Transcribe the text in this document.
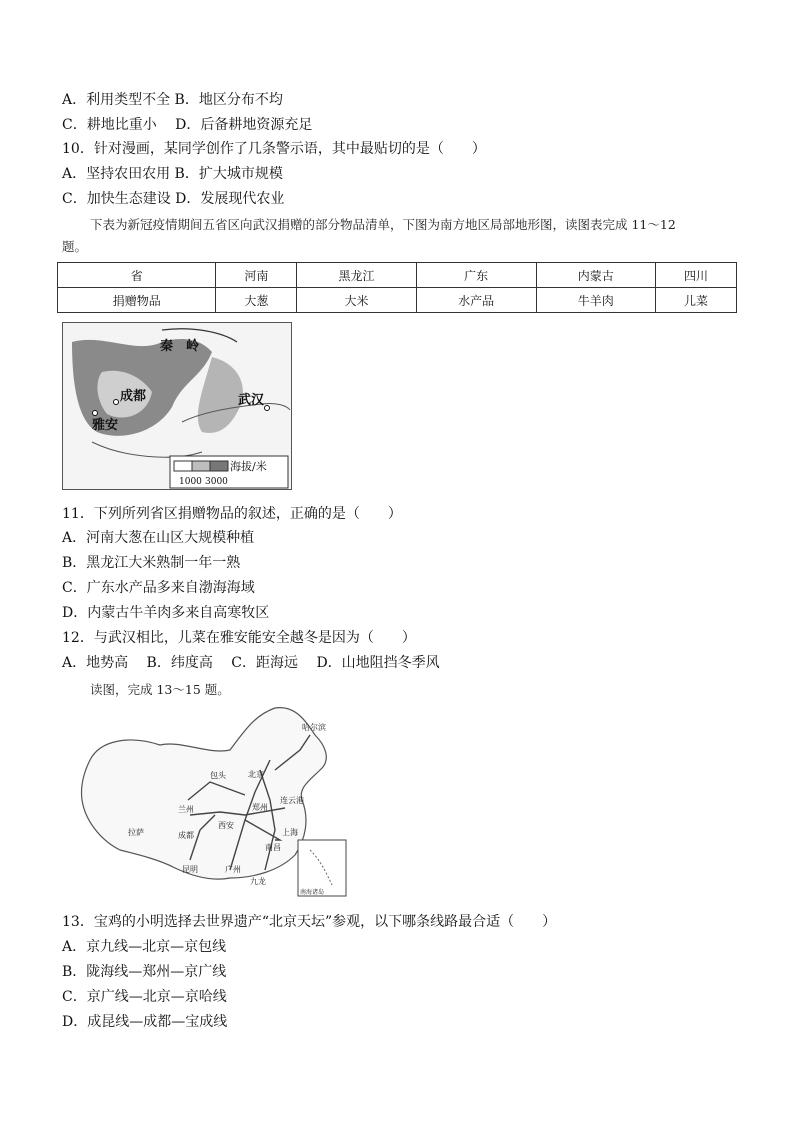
A．利用类型不全 B．地区分布不均
C．耕地比重小　 D．后备耕地资源充足
10．针对漫画，某同学创作了几条警示语，其中最贴切的是（　　）
A．坚持农田农用 B．扩大城市规模
C．加快生态建设 D．发展现代农业
下表为新冠疫情期间五省区向武汉捐赠的部分物品清单，下图为南方地区局部地形图，读图表完成 11～12
题。
省	河南	黑龙江	广东	内蒙古	四川
捐赠物品	大葱	大米	水产品	牛羊肉	儿菜
秦　岭
成都
雅安
武汉
海拔/米
1000 3000
11．下列所列省区捐赠物品的叙述，正确的是（　　）
A．河南大葱在山区大规模种植
B．黑龙江大米熟制一年一熟
C．广东水产品多来自渤海海域
D．内蒙古牛羊肉多来自高寒牧区
12．与武汉相比，儿菜在雅安能安全越冬是因为（　　）
A．地势高　 B．纬度高　 C．距海远　 D．山地阻挡冬季风
读图，完成 13～15 题。
哈尔滨
包头	北京
兰州
西安
连云港
郑州
拉萨	成都	上海
南昌
昆明	广州
九龙
南海诸岛
13．宝鸡的小明选择去世界遗产“北京天坛”参观，以下哪条线路最合适（　　）
A．京九线—北京—京包线
B．陇海线—郑州—京广线
C．京广线—北京—京哈线
D．成昆线—成都—宝成线
